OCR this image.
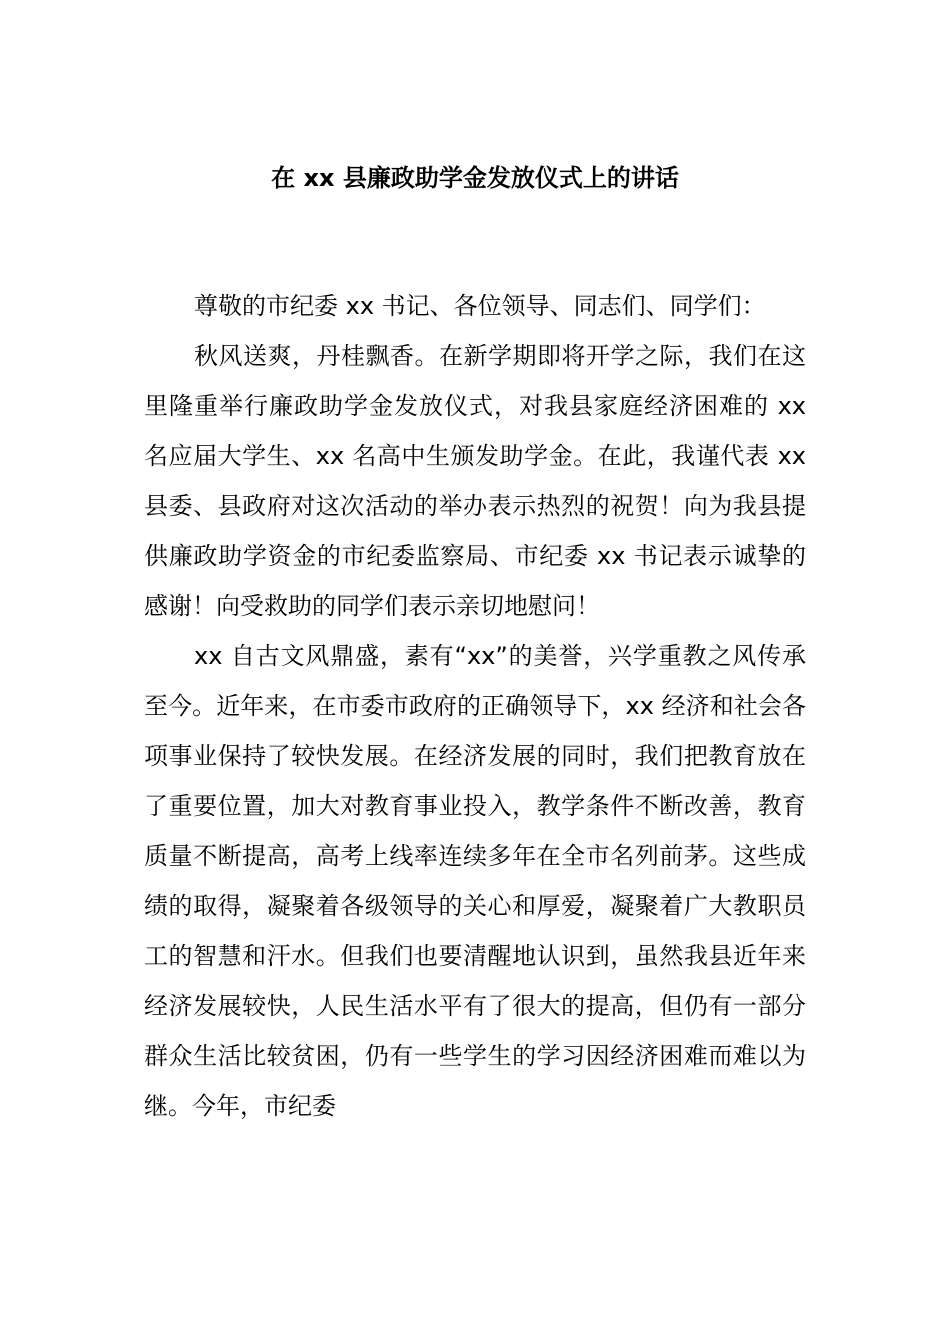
在 xx 县廉政助学金发放仪式上的讲话

尊敬的市纪委 xx 书记、各位领导、同志们、同学们：

秋风送爽，丹桂飘香。在新学期即将开学之际，我们在这里隆重举行廉政助学金发放仪式，对我县家庭经济困难的 xx 名应届大学生、xx 名高中生颁发助学金。在此，我谨代表 xx 县委、县政府对这次活动的举办表示热烈的祝贺！向为我县提供廉政助学资金的市纪委监察局、市纪委 xx 书记表示诚挚的感谢！向受救助的同学们表示亲切地慰问！

xx 自古文风鼎盛，素有“xx”的美誉，兴学重教之风传承至今。近年来，在市委市政府的正确领导下，xx 经济和社会各项事业保持了较快发展。在经济发展的同时，我们把教育放在了重要位置，加大对教育事业投入，教学条件不断改善，教育质量不断提高，高考上线率连续多年在全市名列前茅。这些成绩的取得，凝聚着各级领导的关心和厚爱，凝聚着广大教职员工的智慧和汗水。但我们也要清醒地认识到，虽然我县近年来经济发展较快，人民生活水平有了很大的提高，但仍有一部分群众生活比较贫困，仍有一些学生的学习因经济困难而难以为继。今年，市纪委
